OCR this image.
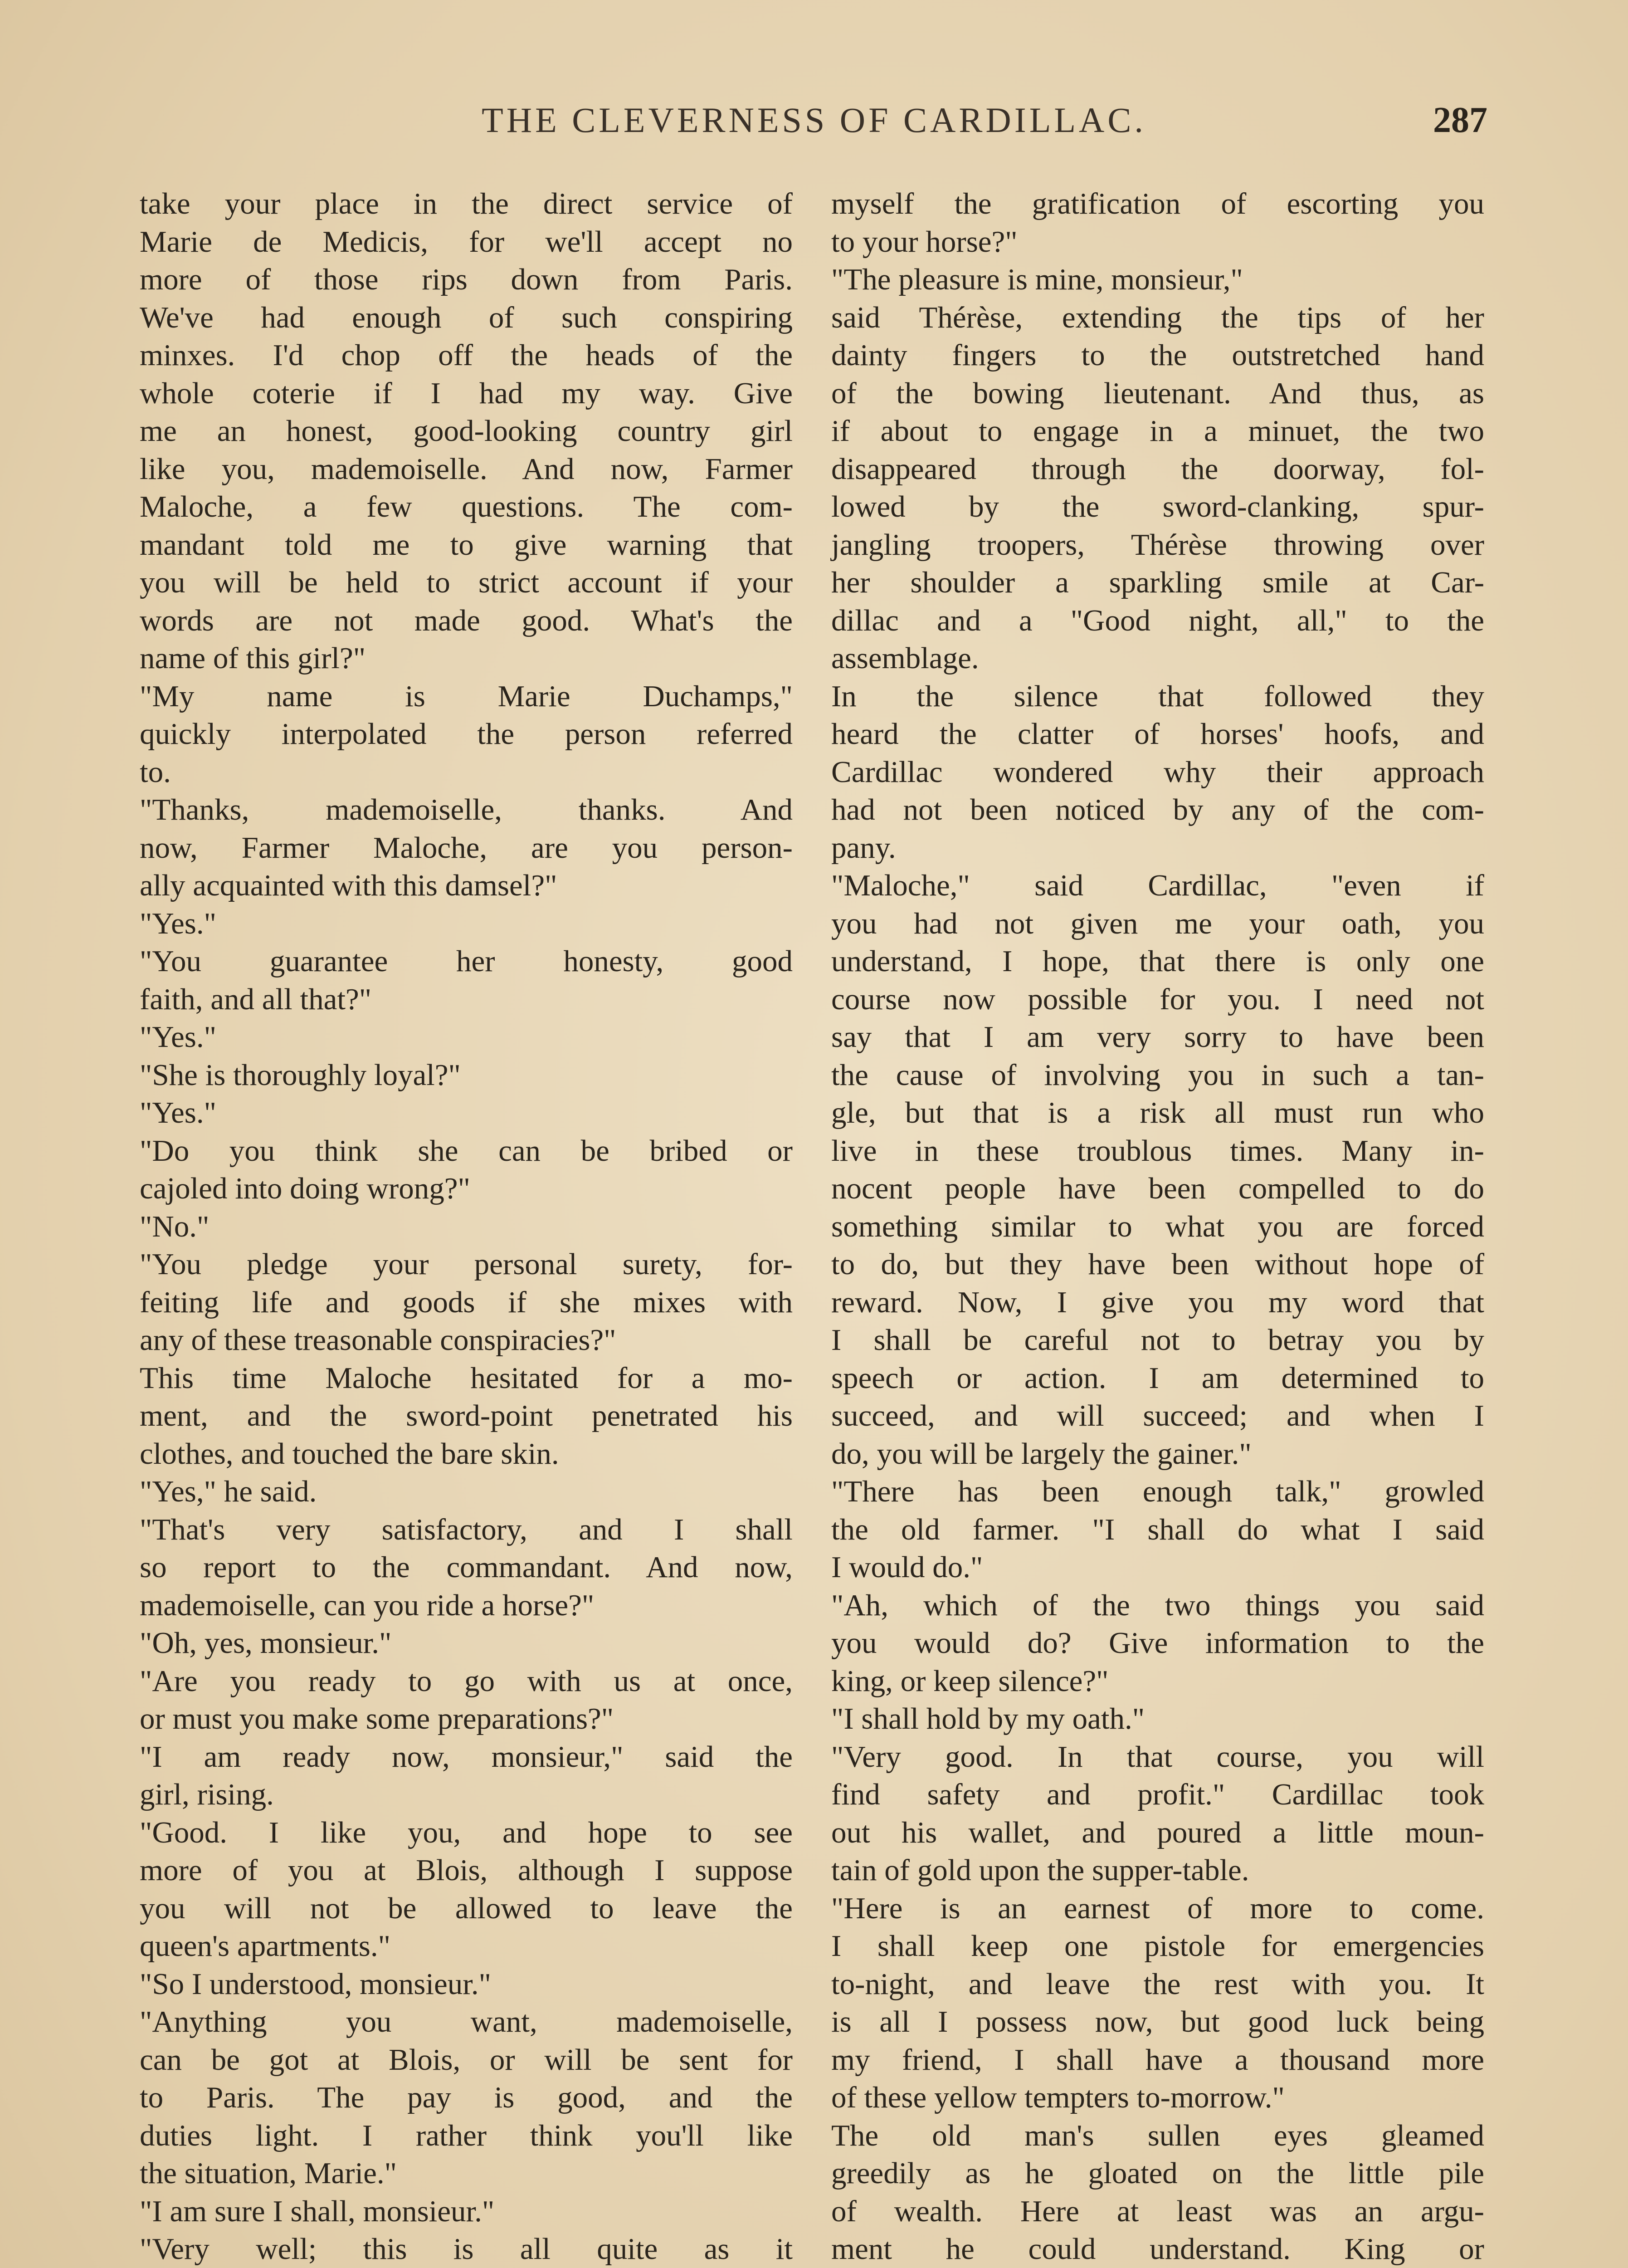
THE CLEVERNESS OF CARDILLAC.	287
take your place in the direct service of
Marie de Medicis, for we'll accept no
more of those rips down from Paris.
We've had enough of such conspiring
minxes. I'd chop off the heads of the
whole coterie if I had my way. Give
me an honest, good-looking country girl
like you, mademoiselle. And now, Farmer
Maloche, a few questions. The com-
mandant told me to give warning that
you will be held to strict account if your
words are not made good. What's the
name of this girl?"
"My name is Marie Duchamps,"
quickly interpolated the person referred
to.
"Thanks, mademoiselle, thanks. And
now, Farmer Maloche, are you person-
ally acquainted with this damsel?"
"Yes."
"You guarantee her honesty, good
faith, and all that?"
"Yes."
"She is thoroughly loyal?"
"Yes."
"Do you think she can be bribed or
cajoled into doing wrong?"
"No."
"You pledge your personal surety, for-
feiting life and goods if she mixes with
any of these treasonable conspiracies?"
This time Maloche hesitated for a mo-
ment, and the sword-point penetrated his
clothes, and touched the bare skin.
"Yes," he said.
"That's very satisfactory, and I shall
so report to the commandant. And now,
mademoiselle, can you ride a horse?"
"Oh, yes, monsieur."
"Are you ready to go with us at once,
or must you make some preparations?"
"I am ready now, monsieur," said the
girl, rising.
"Good. I like you, and hope to see
more of you at Blois, although I suppose
you will not be allowed to leave the
queen's apartments."
"So I understood, monsieur."
"Anything you want, mademoiselle,
can be got at Blois, or will be sent for
to Paris. The pay is good, and the
duties light. I rather think you'll like
the situation, Marie."
"I am sure I shall, monsieur."
"Very well; this is all quite as it
myself the gratification of escorting you
to your horse?"
"The pleasure is mine, monsieur,"
said Thérèse, extending the tips of her
dainty fingers to the outstretched hand
of the bowing lieutenant. And thus, as
if about to engage in a minuet, the two
disappeared through the doorway, fol-
lowed by the sword-clanking, spur-
jangling troopers, Thérèse throwing over
her shoulder a sparkling smile at Car-
dillac and a "Good night, all," to the
assemblage.
In the silence that followed they
heard the clatter of horses' hoofs, and
Cardillac wondered why their approach
had not been noticed by any of the com-
pany.
"Maloche," said Cardillac, "even if
you had not given me your oath, you
understand, I hope, that there is only one
course now possible for you. I need not
say that I am very sorry to have been
the cause of involving you in such a tan-
gle, but that is a risk all must run who
live in these troublous times. Many in-
nocent people have been compelled to do
something similar to what you are forced
to do, but they have been without hope of
reward. Now, I give you my word that
I shall be careful not to betray you by
speech or action. I am determined to
succeed, and will succeed; and when I
do, you will be largely the gainer."
"There has been enough talk," growled
the old farmer. "I shall do what I said
I would do."
"Ah, which of the two things you said
you would do? Give information to the
king, or keep silence?"
"I shall hold by my oath."
"Very good. In that course, you will
find safety and profit." Cardillac took
out his wallet, and poured a little moun-
tain of gold upon the supper-table.
"Here is an earnest of more to come.
I shall keep one pistole for emergencies
to-night, and leave the rest with you. It
is all I possess now, but good luck being
my friend, I shall have a thousand more
of these yellow tempters to-morrow."
The old man's sullen eyes gleamed
greedily as he gloated on the little pile
of wealth. Here at least was an argu-
ment he could understand. King or
